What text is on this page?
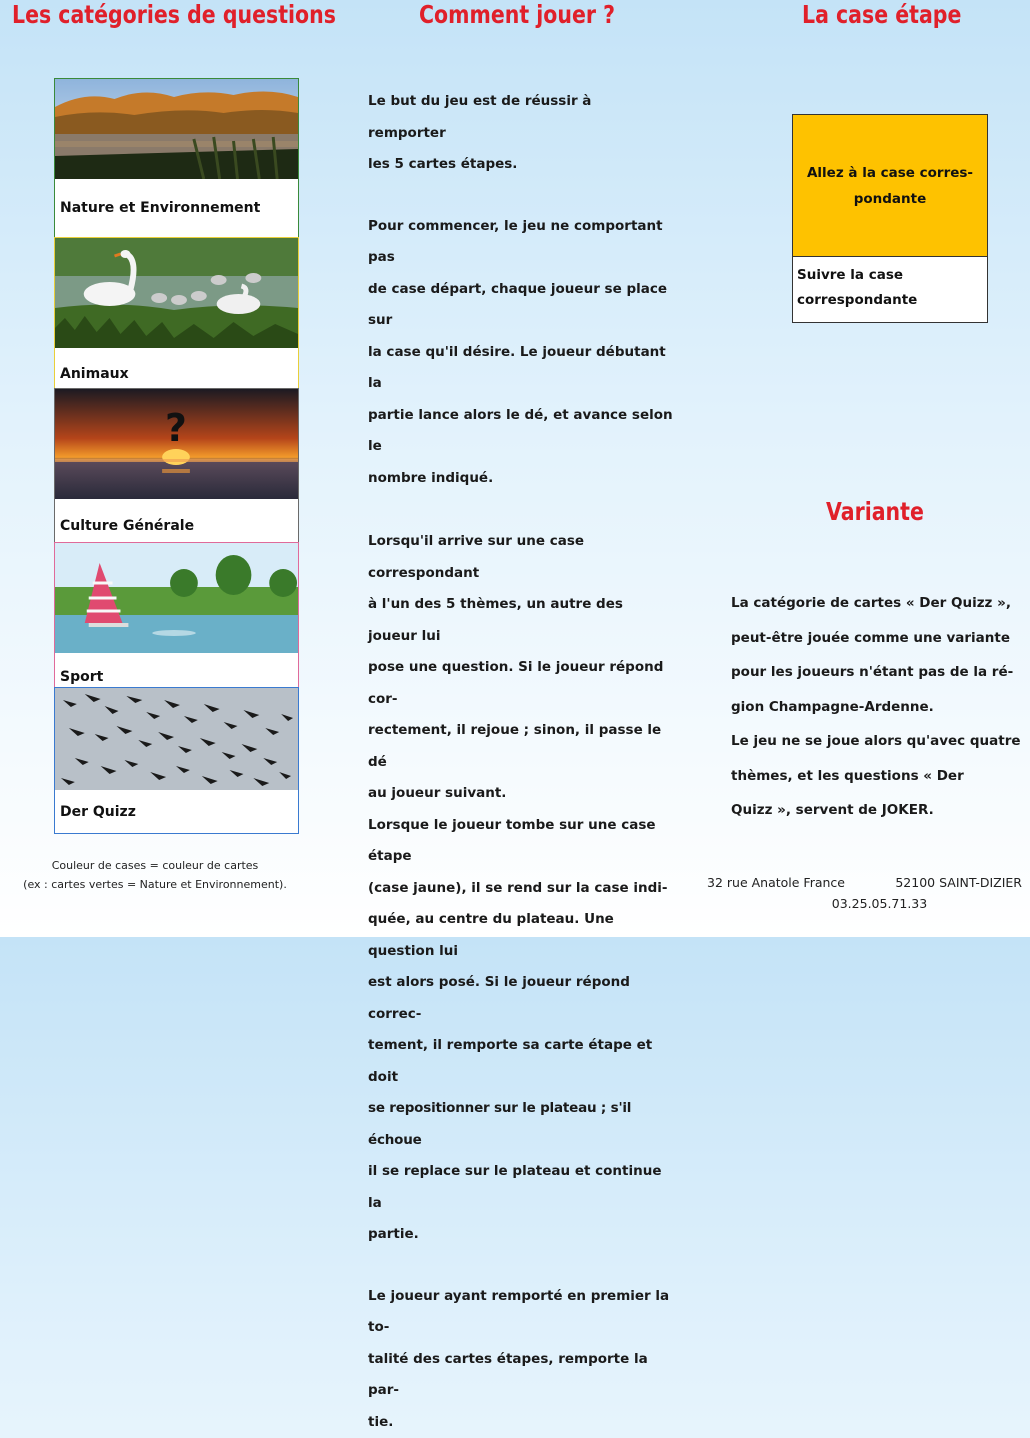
Les catégories de questions	Comment jouer ?	La case étape
Variante
Nature et Environnement
Animaux
?
Culture Générale
Sport
Der Quizz
Couleur de cases = couleur de cartes
(ex : cartes vertes = Nature et Environnement).
Le but du jeu est de réussir à remporter
les 5 cartes étapes.
Pour commencer, le jeu ne comportant pas
de case départ, chaque joueur se place sur
la case qu'il désire. Le joueur débutant la
partie lance alors le dé, et avance selon le
nombre indiqué.
Lorsqu'il arrive sur une case correspondant
à l'un des 5 thèmes, un autre des joueur lui
pose une question. Si le joueur répond cor-
rectement, il rejoue ; sinon, il passe le dé
au joueur suivant.
Lorsque le joueur tombe sur une case étape
(case jaune), il se rend sur la case indi-
quée, au centre du plateau. Une question lui
est alors posé. Si le joueur répond correc-
tement, il remporte sa carte étape et doit
se repositionner sur le plateau ; s'il échoue
il se replace sur le plateau et continue la
partie.
Le joueur ayant remporté en premier la to-
talité des cartes étapes, remporte la par-
tie.
Allez à la case corres-
pondante
Suivre la case
correspondante
La catégorie de cartes « Der Quizz »,
peut-être jouée comme une variante
pour les joueurs n'étant pas de la ré-
gion Champagne-Ardenne.
Le jeu ne se joue alors qu'avec quatre
thèmes, et les questions « Der
Quizz », servent de JOKER.
32 rue Anatole France	52100 SAINT-DIZIER
03.25.05.71.33
